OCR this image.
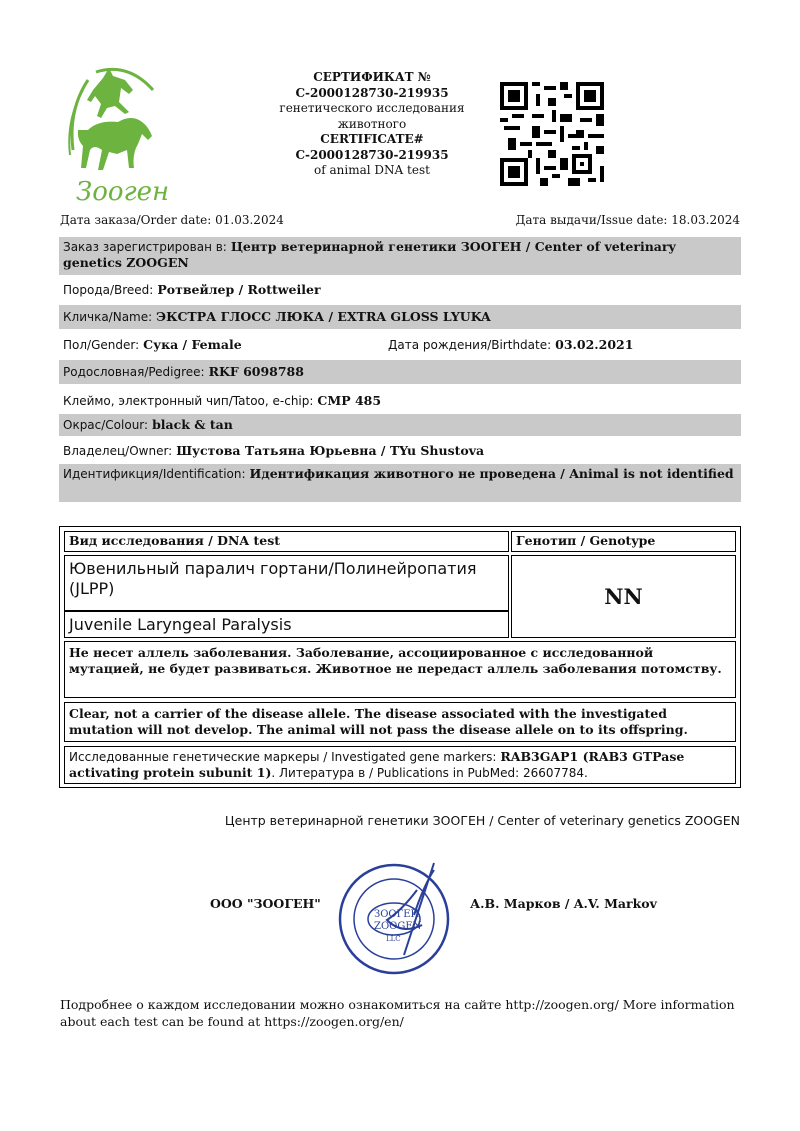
Зооген
СЕРТИФИКАТ №
C-2000128730-219935
генетического исследования
животного
CERTIFICATE#
C-2000128730-219935
of animal DNA test
Дата заказа/Order date: 01.03.2024	Дата выдачи/Issue date: 18.03.2024
Заказ зарегистрирован в: Центр ветеринарной генетики ЗООГЕН / Center of veterinary genetics ZOOGEN
Порода/Breed:
Ротвейлер / Rottweiler
Кличка/Name:
ЭКСТРА ГЛОСС ЛЮКА / EXTRA GLOSS LYUKA
Пол/Gender:
Сука / Female	Дата рождения/Birthdate:
03.02.2021
Родословная/Pedigree:
RKF 6098788
Клеймо, электронный чип/Tatoo, e-chip:
CMP 485
Окрас/Colour:
black & tan
Владелец/Owner:
Шустова Татьяна Юрьевна / TYu Shustova
Идентификция/Identification: Идентификация животного не проведена / Animal is not identified
Вид исследования / DNA test	Генотип / Genotype
Ювенильный паралич гортани/Полинейропатия (JLPP)
Juvenile Laryngeal Paralysis
NN
Не несет аллель заболевания. Заболевание, ассоциированное с исследованной мутацией, не будет развиваться. Животное не передаст аллель заболевания потомству.
Clear, not a carrier of the disease allele. The disease associated with the investigated mutation will not develop. The animal will not pass the disease allele on to its offspring.
Исследованные генетические маркеры / Investigated gene markers: RAB3GAP1 (RAB3 GTPase activating protein subunit 1). Литература в / Publications in PubMed: 26607784.
Центр ветеринарной генетики ЗООГЕН / Center of veterinary genetics ZOOGEN
ООО "ЗООГЕН"
ЗООГЕН
ZOOGEN
LLC
А.В. Марков / A.V. Markov
Подробнее о каждом исследовании можно ознакомиться на сайте http://zoogen.org/ More information about each test can be found at https://zoogen.org/en/
